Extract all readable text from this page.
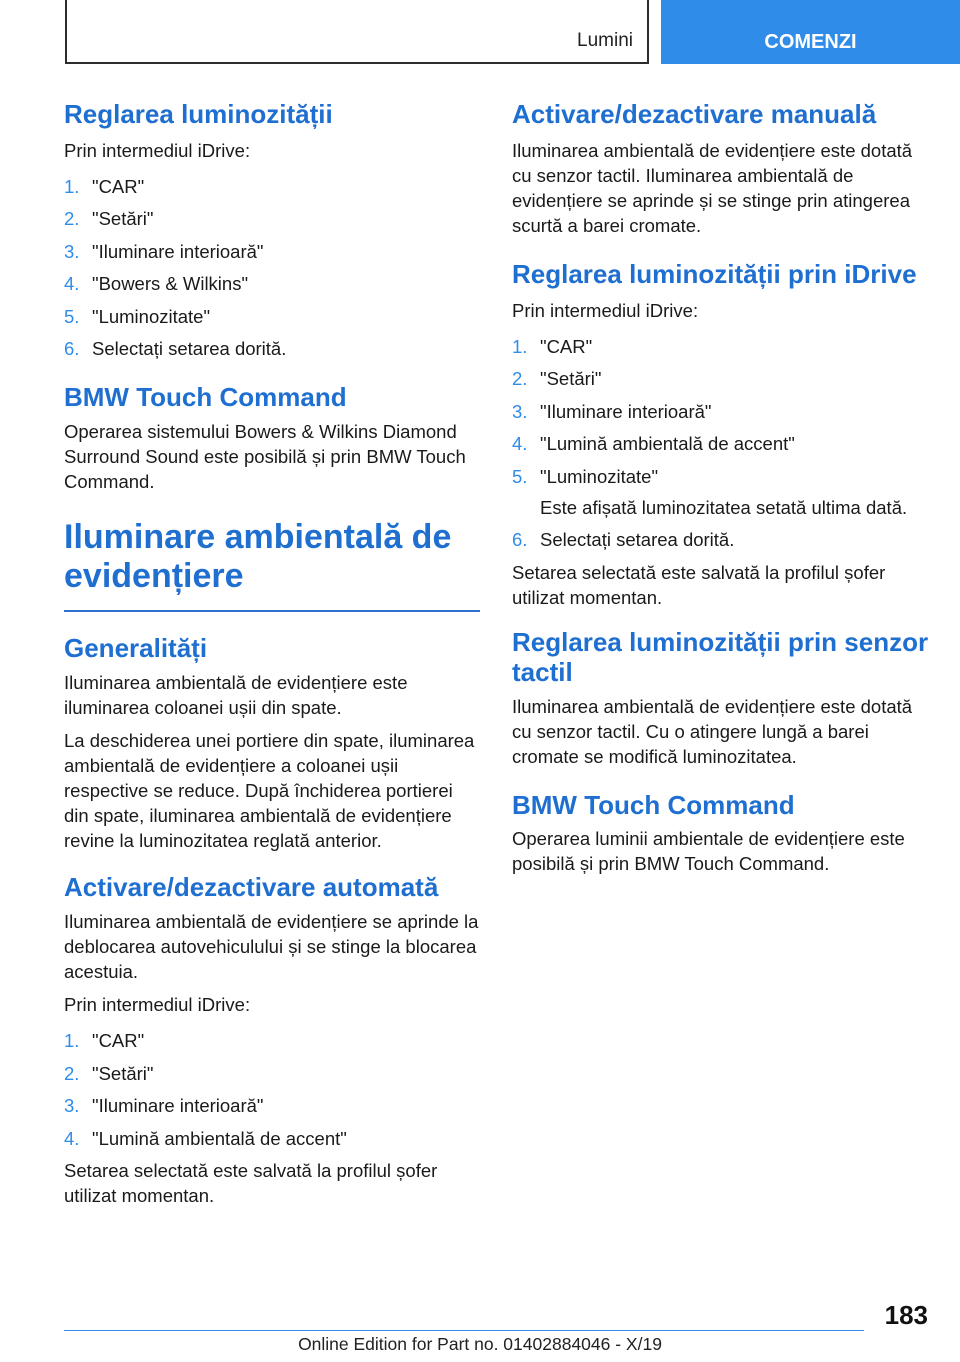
Lumini	COMENZI
Reglarea luminozității

Prin intermediul iDrive:

1. "CAR"
2. "Setări"
3. "Iluminare interioară"
4. "Bowers & Wilkins"
5. "Luminozitate"
6. Selectați setarea dorită.
BMW Touch Command

Operarea sistemului Bowers & Wilkins Diamond Surround Sound este posibilă și prin BMW Touch Command.

Iluminare ambientală de evidențiere
Generalități

Iluminarea ambientală de evidențiere este iluminarea coloanei ușii din spate.

La deschiderea unei portiere din spate, iluminarea ambientală de evidențiere a coloanei ușii respective se reduce. După închiderea portierei din spate, iluminarea ambientală de evidențiere revine la luminozitatea reglată anterior.

Activare/dezactivare automată

Iluminarea ambientală de evidențiere se aprinde la deblocarea autovehiculului și se stinge la blocarea acestuia.

Prin intermediul iDrive:

1. "CAR"
2. "Setări"
3. "Iluminare interioară"
4. "Lumină ambientală de accent"

Setarea selectată este salvată la profilul șofer utilizat momentan.

Activare/dezactivare manuală

Iluminarea ambientală de evidențiere este dotată cu senzor tactil. Iluminarea ambientală de evidențiere se aprinde și se stinge prin atingerea scurtă a barei cromate.

Reglarea luminozității prin iDrive

Prin intermediul iDrive:

1. "CAR"
2. "Setări"
3. "Iluminare interioară"
4. "Lumină ambientală de accent"
5. "Luminozitate"
Este afișată luminozitatea setată ultima dată.
6. Selectați setarea dorită.

Setarea selectată este salvată la profilul șofer utilizat momentan.

Reglarea luminozității prin senzor tactil

Iluminarea ambientală de evidențiere este dotată cu senzor tactil. Cu o atingere lungă a barei cromate se modifică luminozitatea.

BMW Touch Command

Operarea luminii ambientale de evidențiere este posibilă și prin BMW Touch Command.

183
Online Edition for Part no. 01402884046 - X/19
